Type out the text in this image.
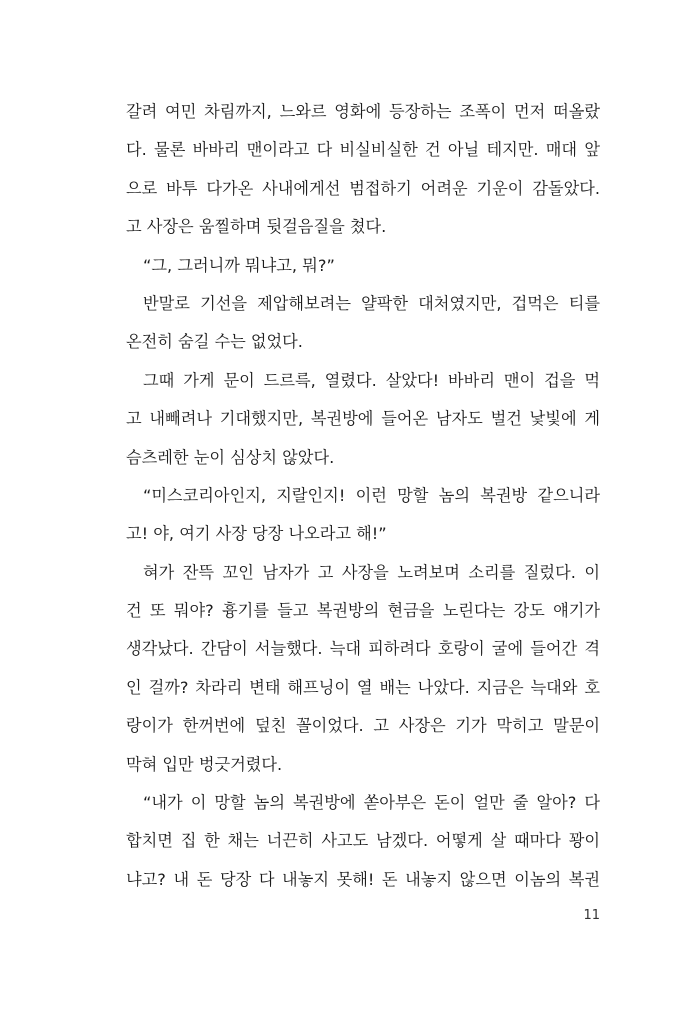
갈려 여민 차림까지, 느와르 영화에 등장하는 조폭이 먼저 떠올랐
다. 물론 바바리 맨이라고 다 비실비실한 건 아닐 테지만. 매대 앞
으로 바투 다가온 사내에게선 범접하기 어려운 기운이 감돌았다.
고 사장은 움찔하며 뒷걸음질을 쳤다.
“그, 그러니까 뭐냐고, 뭐?”
반말로 기선을 제압해보려는 얄팍한 대처였지만, 겁먹은 티를
온전히 숨길 수는 없었다.
그때 가게 문이 드르륵, 열렸다. 살았다! 바바리 맨이 겁을 먹
고 내빼려나 기대했지만, 복권방에 들어온 남자도 벌건 낯빛에 게
슴츠레한 눈이 심상치 않았다.
“미스코리아인지, 지랄인지! 이런 망할 놈의 복권방 같으니라
고! 야, 여기 사장 당장 나오라고 해!”
혀가 잔뜩 꼬인 남자가 고 사장을 노려보며 소리를 질렀다. 이
건 또 뭐야? 흉기를 들고 복권방의 현금을 노린다는 강도 얘기가
생각났다. 간담이 서늘했다. 늑대 피하려다 호랑이 굴에 들어간 격
인 걸까? 차라리 변태 해프닝이 열 배는 나았다. 지금은 늑대와 호
랑이가 한꺼번에 덮친 꼴이었다. 고 사장은 기가 막히고 말문이
막혀 입만 벙긋거렸다.
“내가 이 망할 놈의 복권방에 쏟아부은 돈이 얼만 줄 알아? 다
합치면 집 한 채는 너끈히 사고도 남겠다. 어떻게 살 때마다 꽝이
냐고? 내 돈 당장 다 내놓지 못해! 돈 내놓지 않으면 이놈의 복권
11
